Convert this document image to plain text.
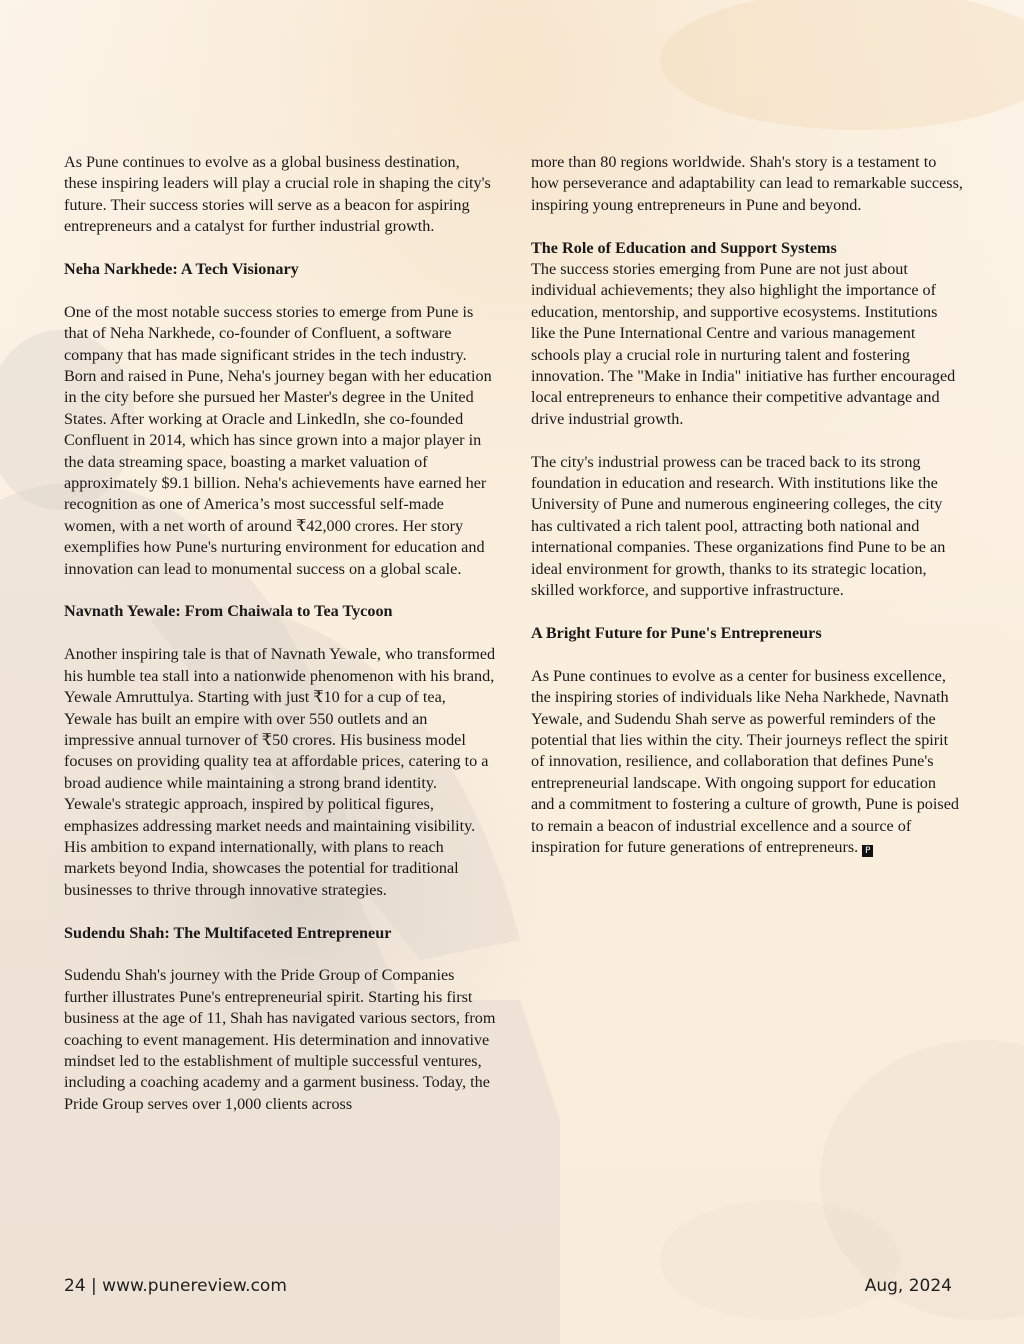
As Pune continues to evolve as a global business destination, these inspiring leaders will play a crucial role in shaping the city's future. Their success stories will serve as a beacon for aspiring entrepreneurs and a catalyst for further industrial growth.

Neha Narkhede: A Tech Visionary

One of the most notable success stories to emerge from Pune is that of Neha Narkhede, co-founder of Confluent, a software company that has made significant strides in the tech industry. Born and raised in Pune, Neha's journey began with her education in the city before she pursued her Master's degree in the United States. After working at Oracle and LinkedIn, she co-founded Confluent in 2014, which has since grown into a major player in the data streaming space, boasting a market valuation of approximately $9.1 billion. Neha's achievements have earned her recognition as one of America’s most successful self-made women, with a net worth of around ₹42,000 crores. Her story exemplifies how Pune's nurturing environment for education and innovation can lead to monumental success on a global scale.

Navnath Yewale: From Chaiwala to Tea Tycoon

Another inspiring tale is that of Navnath Yewale, who transformed his humble tea stall into a nationwide phenomenon with his brand, Yewale Amruttulya. Starting with just ₹10 for a cup of tea, Yewale has built an empire with over 550 outlets and an impressive annual turnover of ₹50 crores. His business model focuses on providing quality tea at affordable prices, catering to a broad audience while maintaining a strong brand identity. Yewale's strategic approach, inspired by political figures, emphasizes addressing market needs and maintaining visibility. His ambition to expand internationally, with plans to reach markets beyond India, showcases the potential for traditional businesses to thrive through innovative strategies.

Sudendu Shah: The Multifaceted Entrepreneur

Sudendu Shah's journey with the Pride Group of Companies further illustrates Pune's entrepreneurial spirit. Starting his first business at the age of 11, Shah has navigated various sectors, from coaching to event management. His determination and innovative mindset led to the establishment of multiple successful ventures, including a coaching academy and a garment business. Today, the Pride Group serves over 1,000 clients across

more than 80 regions worldwide. Shah's story is a testament to how perseverance and adaptability can lead to remarkable success, inspiring young entrepreneurs in Pune and beyond.

The Role of Education and Support Systems

The success stories emerging from Pune are not just about individual achievements; they also highlight the importance of education, mentorship, and supportive ecosystems. Institutions like the Pune International Centre and various management schools play a crucial role in nurturing talent and fostering innovation. The "Make in India" initiative has further encouraged local entrepreneurs to enhance their competitive advantage and drive industrial growth.

The city's industrial prowess can be traced back to its strong foundation in education and research. With institutions like the University of Pune and numerous engineering colleges, the city has cultivated a rich talent pool, attracting both national and international companies. These organizations find Pune to be an ideal environment for growth, thanks to its strategic location, skilled workforce, and supportive infrastructure.

A Bright Future for Pune's Entrepreneurs

As Pune continues to evolve as a center for business excellence, the inspiring stories of individuals like Neha Narkhede, Navnath Yewale, and Sudendu Shah serve as powerful reminders of the potential that lies within the city. Their journeys reflect the spirit of innovation, resilience, and collaboration that defines Pune's entrepreneurial landscape. With ongoing support for education and a commitment to fostering a culture of growth, Pune is poised to remain a beacon of industrial excellence and a source of inspiration for future generations of entrepreneurs. P

24 | www.punereview.com	Aug, 2024
